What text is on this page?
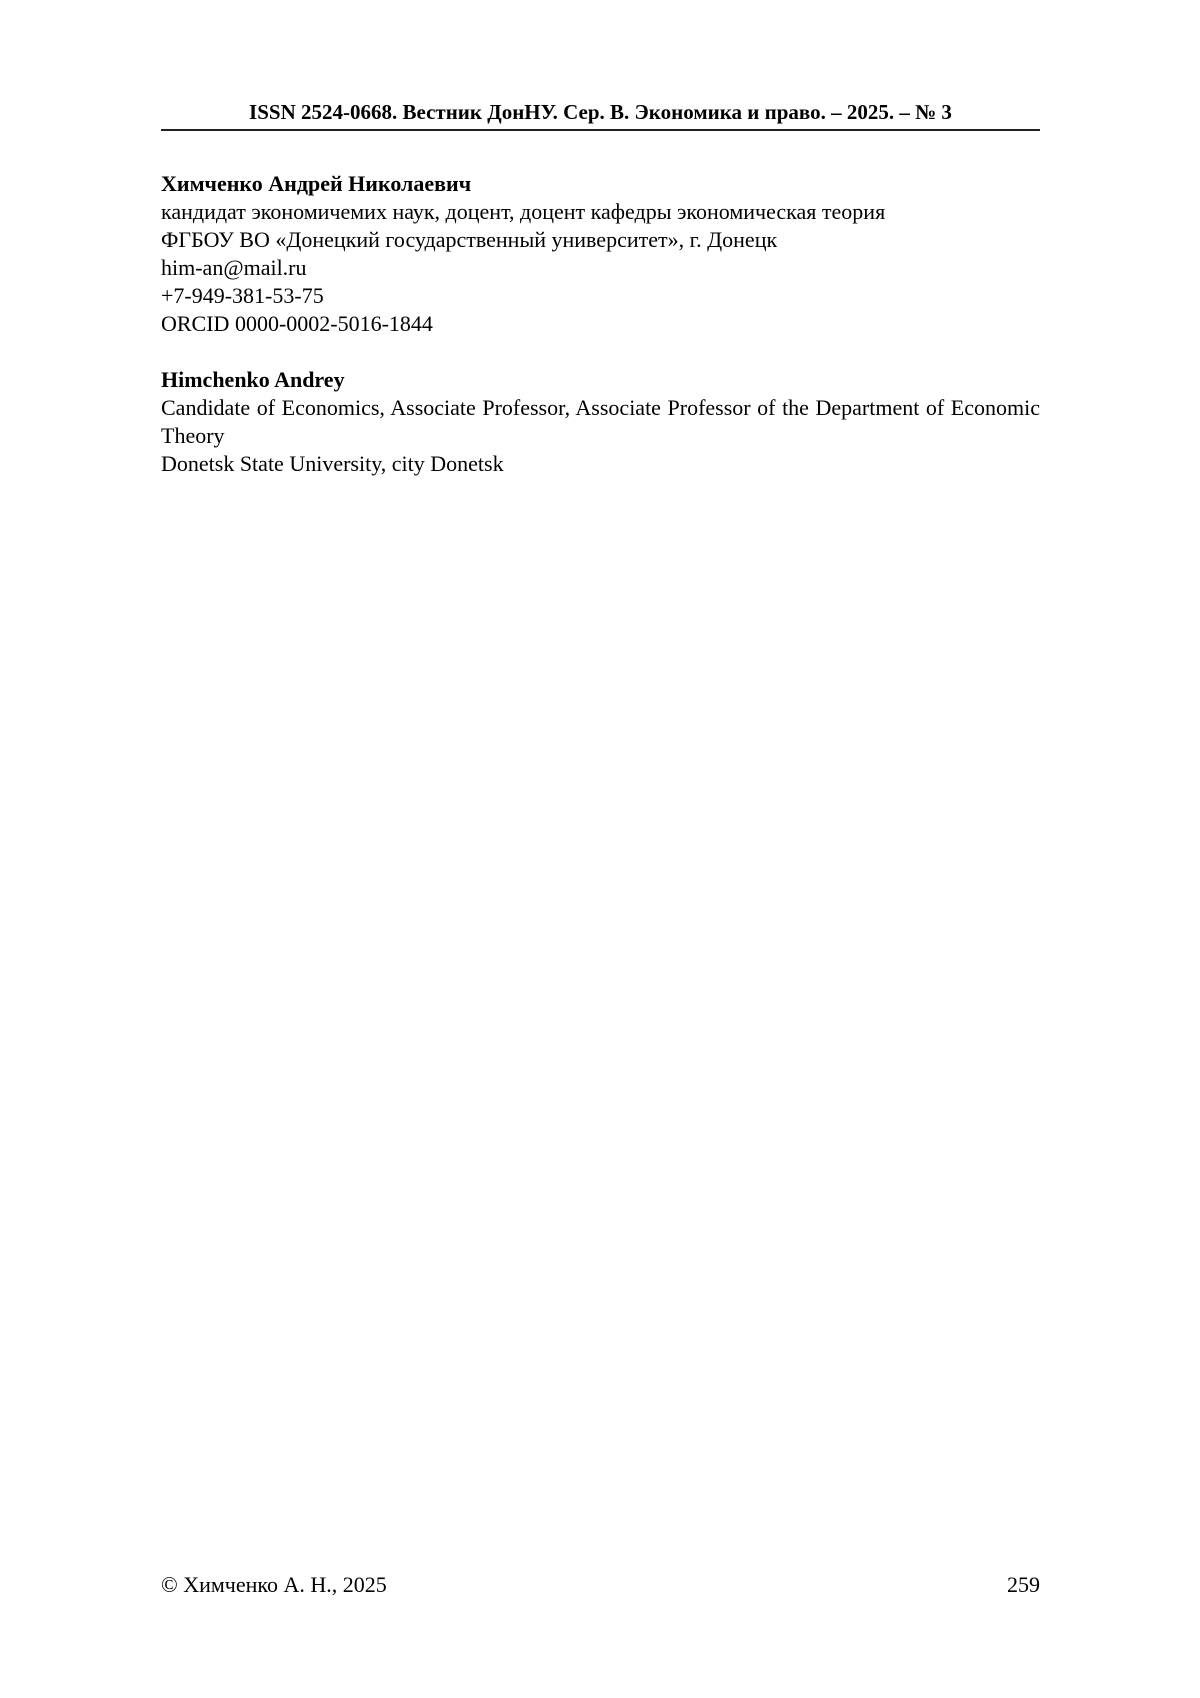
ISSN 2524-0668. Вестник ДонНУ. Сер. В. Экономика и право. – 2025. – № 3

Химченко Андрей Николаевич

кандидат экономичемих наук, доцент, доцент кафедры экономическая теория

ФГБОУ ВО «Донецкий государственный университет», г. Донецк

him-an@mail.ru

+7-949-381-53-75

ORCID 0000-0002-5016-1844

Himchenko Andrey

Candidate of Economics, Associate Professor, Associate Professor of the Department of Economic Theory

Donetsk State University, city Donetsk

© Химченко А. Н., 2025	259
